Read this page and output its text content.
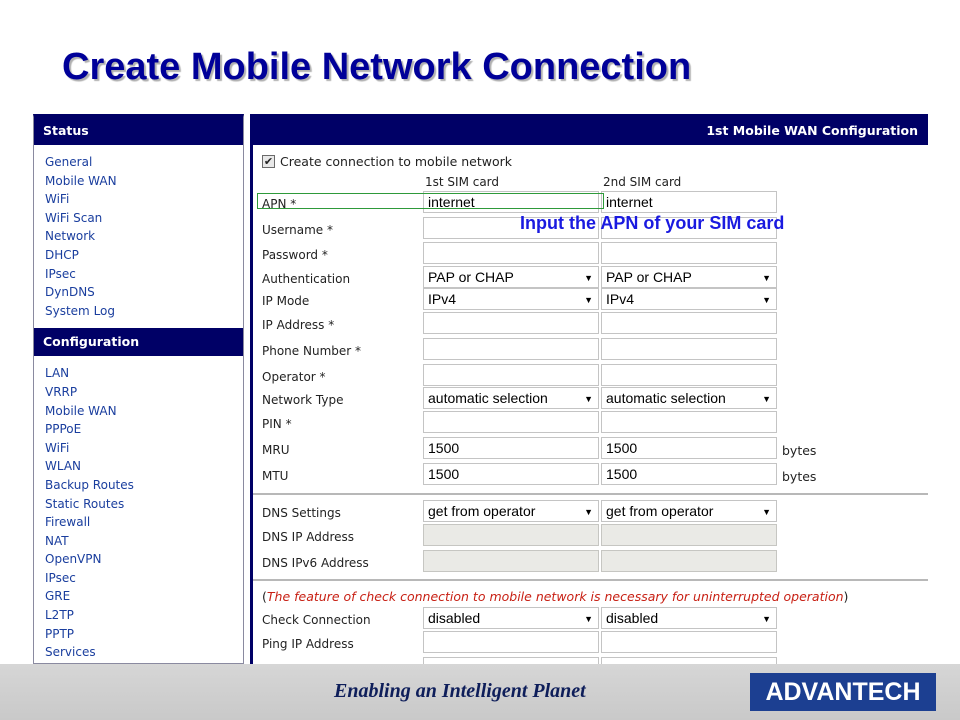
Create Mobile Network Connection
Status
General
Mobile WAN
WiFi
WiFi Scan
Network
DHCP
IPsec
DynDNS
System Log
Configuration
LAN
VRRP
Mobile WAN
PPPoE
WiFi
WLAN
Backup Routes
Static Routes
Firewall
NAT
OpenVPN
IPsec
GRE
L2TP
PPTP
Services
1st Mobile WAN Configuration
✔ Create connection to mobile network
1st SIM card	2nd SIM card
APN *	internet	internet
Username *
Password *
Authentication	PAP or CHAP	▼ PAP or CHAP	▼
IP Mode	IPv4	▼ IPv4	▼
IP Address *
Phone Number *
Operator *
Network Type	automatic selection	▼ automatic selection	▼
PIN *
MRU	1500	1500	bytes
MTU	1500	1500	bytes
DNS Settings	get from operator	▼ get from operator	▼
DNS IP Address
DNS IPv6 Address
(The feature of check connection to mobile network is necessary for uninterrupted operation)
Check Connection	disabled	▼ disabled	▼
Ping IP Address
Input the APN of your SIM card
Enabling an Intelligent Planet	ADVANTECH
